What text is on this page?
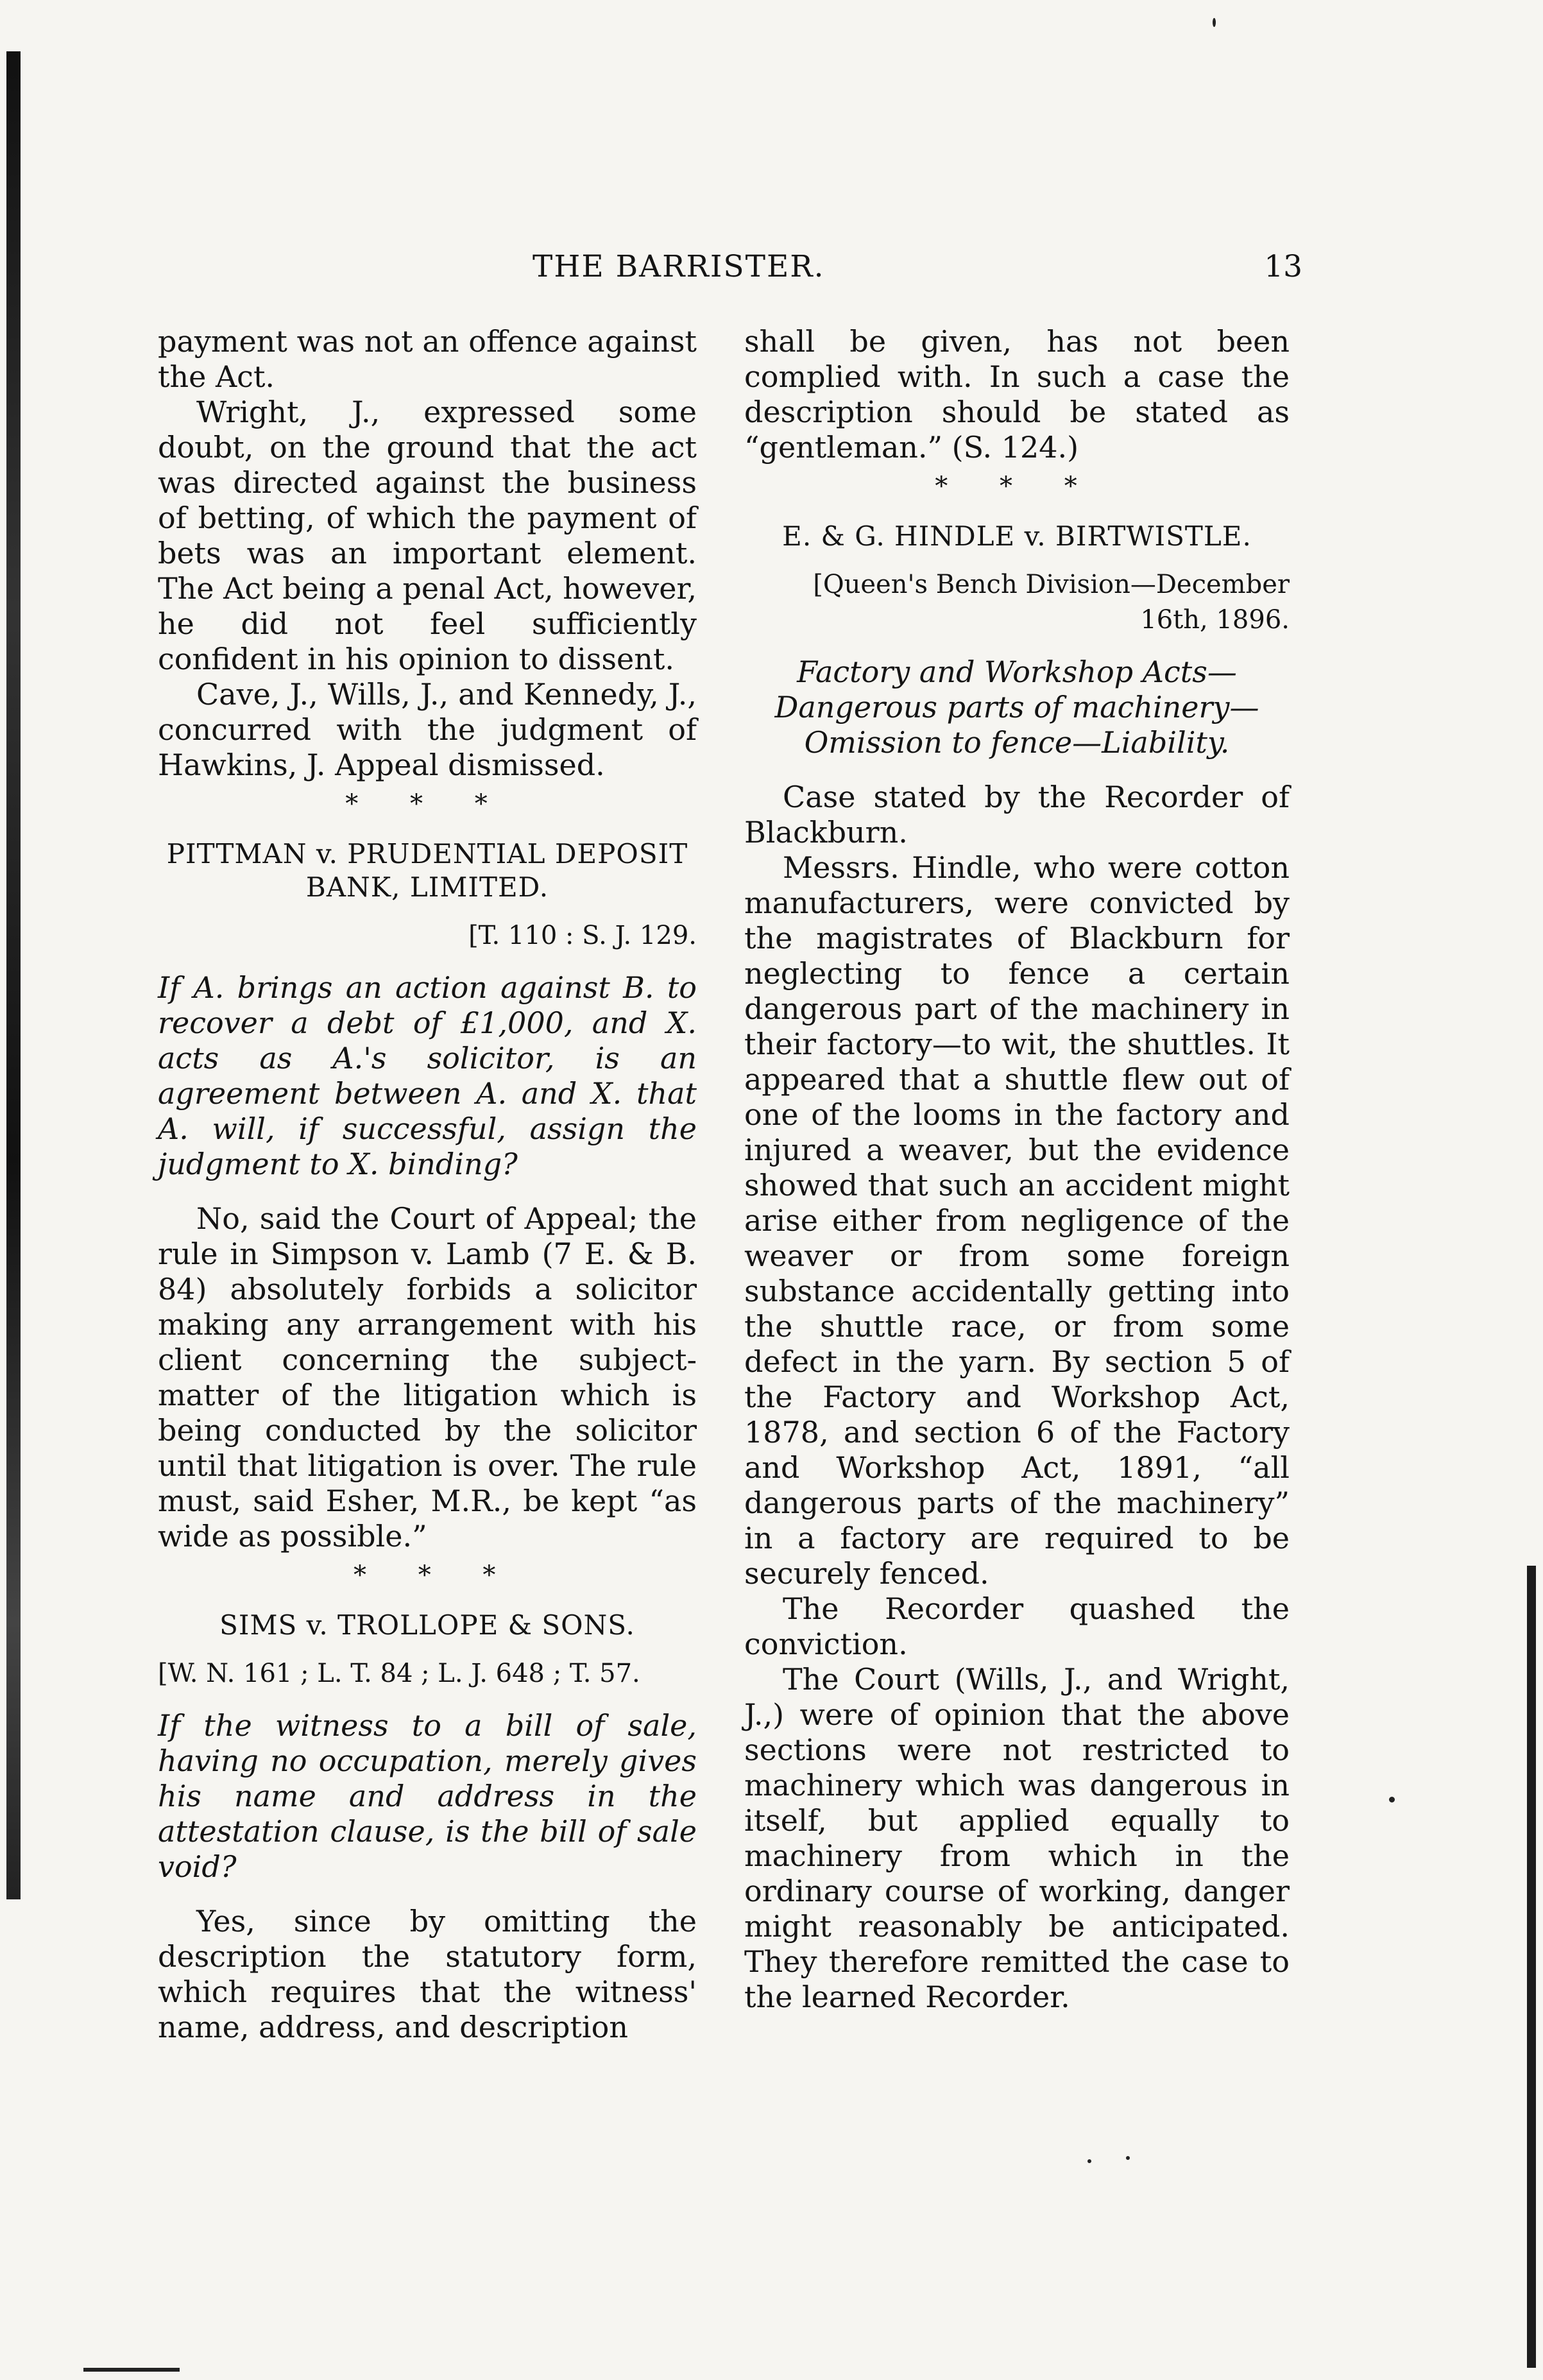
THE BARRISTER.	13

payment was not an offence against the Act.

Wright, J., expressed some doubt, on the ground that the act was directed against the business of betting, of which the payment of bets was an important element. The Act being a penal Act, however, he did not feel sufficiently confident in his opinion to dissent.

Cave, J., Wills, J., and Kennedy, J., concurred with the judgment of Hawkins, J. Appeal dismissed.

* * *
PITTMAN v. PRUDENTIAL DEPOSIT BANK, LIMITED.
[T. 110 : S. J. 129.

If A. brings an action against B. to recover a debt of £1,000, and X. acts as A.'s solicitor, is an agreement between A. and X. that A. will, if successful, assign the judgment to X. binding?

No, said the Court of Appeal; the rule in Simpson v. Lamb (7 E. & B. 84) absolutely forbids a solicitor making any arrangement with his client concerning the subject-matter of the litigation which is being conducted by the solicitor until that litigation is over. The rule must, said Esher, M.R., be kept “as wide as possible.”

* * *
SIMS v. TROLLOPE & SONS.
[W. N. 161 ; L. T. 84 ; L. J. 648 ; T. 57.

If the witness to a bill of sale, having no occupation, merely gives his name and address in the attestation clause, is the bill of sale void?

Yes, since by omitting the description the statutory form, which requires that the witness' name, address, and description

shall be given, has not been complied with. In such a case the description should be stated as “gentleman.” (S. 124.)

* * *
E. & G. HINDLE v. BIRTWISTLE.
[Queen's Bench Division—December 16th, 1896.

Factory and Workshop Acts—Dangerous parts of machinery—Omission to fence—Liability.

Case stated by the Recorder of Blackburn.

Messrs. Hindle, who were cotton manufacturers, were convicted by the magistrates of Blackburn for neglecting to fence a certain dangerous part of the machinery in their factory—to wit, the shuttles. It appeared that a shuttle flew out of one of the looms in the factory and injured a weaver, but the evidence showed that such an accident might arise either from negligence of the weaver or from some foreign substance accidentally getting into the shuttle race, or from some defect in the yarn. By section 5 of the Factory and Workshop Act, 1878, and section 6 of the Factory and Workshop Act, 1891, “all dangerous parts of the machinery” in a factory are required to be securely fenced.

The Recorder quashed the conviction.

The Court (Wills, J., and Wright, J.,) were of opinion that the above sections were not restricted to machinery which was dangerous in itself, but applied equally to machinery from which in the ordinary course of working, danger might reasonably be anticipated. They therefore remitted the case to the learned Recorder.
